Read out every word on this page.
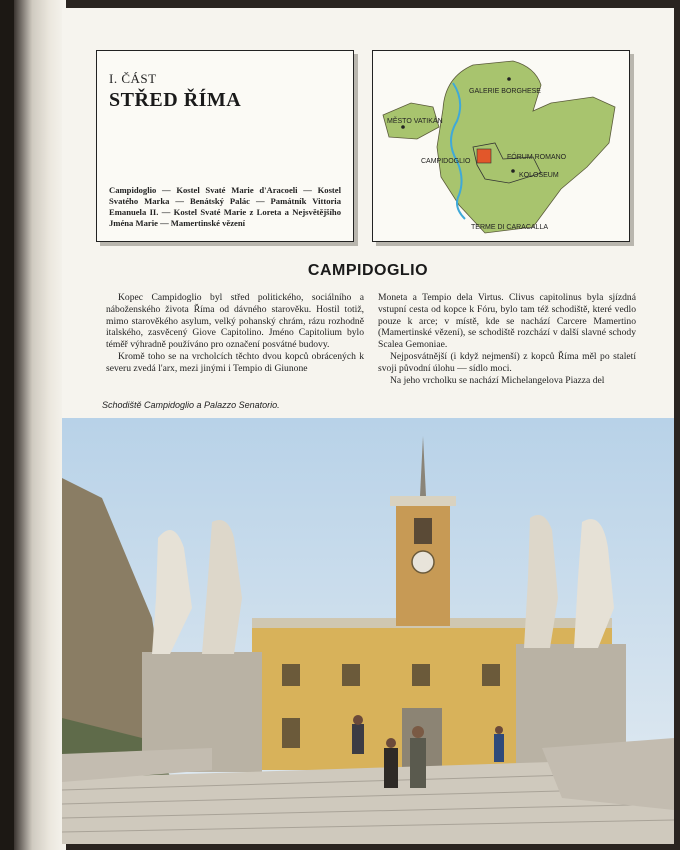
I. ČÁST
STŘED ŘÍMA
Campidoglio — Kostel Svaté Marie d'Aracoeli — Kostel Svatého Marka — Benátský Palác — Památník Vittoria Emanuela II. — Kostel Svaté Marie z Loreta a Nejsvětějšího Jména Marie — Mamertinské vězení
GALERIE BORGHESE
MĚSTO VATIKÁN
CAMPIDOGLIO
FÓRUM ROMANO
KOLOSEUM
TERME DI CARACALLA
CAMPIDOGLIO

Kopec Campidoglio byl střed politického, sociálního a náboženského života Říma od dávného starověku. Hostil totiž, mimo starověkého asylum, velký pohanský chrám, rázu rozhodně italského, zasvěcený Giove Capitolino. Jméno Capitolium bylo téměř výhradně používáno pro označení posvátné budovy.

Kromě toho se na vrcholcích těchto dvou kopců obrácených k severu zvedá l'arx, mezi jinými i Tempio di Giunone

Moneta a Tempio dela Virtus. Clivus capitolinus byla sjízdná vstupní cesta od kopce k Fóru, bylo tam též schodiště, které vedlo pouze k arce; v místě, kde se nachází Carcere Mamertino (Mamertinské vězení), se schodiště rozchází v další slavné schody Scalea Gemoniae.

Nejposvátnější (i když nejmenší) z kopců Říma měl po staletí svoji původní úlohu — sídlo moci.

Na jeho vrcholku se nachází Michelangelova Piazza del

Schodiště Campidoglio a Palazzo Senatorio.
